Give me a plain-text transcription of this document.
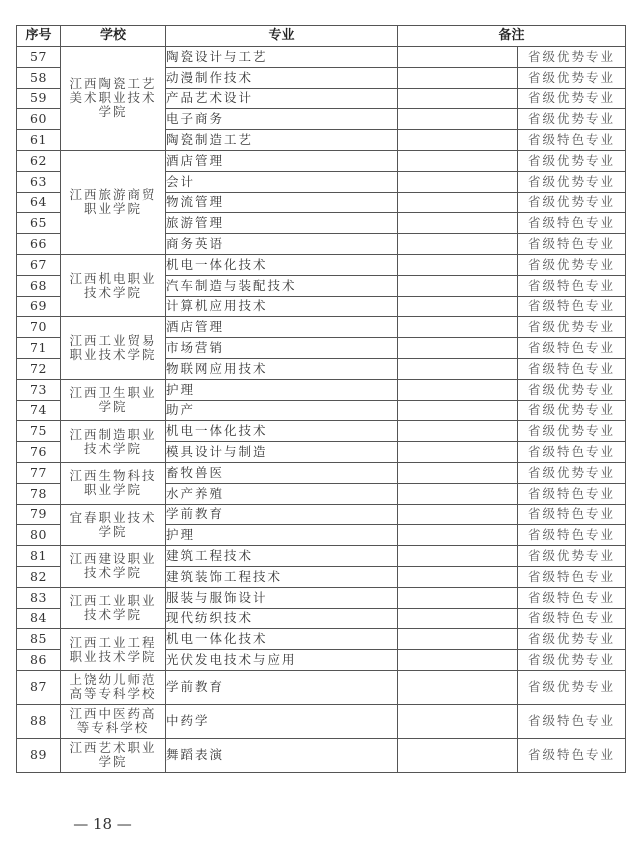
序号	学校	专业	备注	
57	江西陶瓷工艺
美术职业技术
学院	陶瓷设计与工艺		省级优势专业
58		动漫制作技术		省级优势专业
59		产品艺术设计		省级优势专业
60		电子商务		省级优势专业
61		陶瓷制造工艺		省级特色专业
62	江西旅游商贸
职业学院	酒店管理		省级优势专业
63		会计		省级优势专业
64		物流管理		省级优势专业
65		旅游管理		省级特色专业
66		商务英语		省级特色专业
67	江西机电职业
技术学院	机电一体化技术		省级优势专业
68		汽车制造与装配技术		省级特色专业
69		计算机应用技术		省级特色专业
70	江西工业贸易
职业技术学院	酒店管理		省级优势专业
71		市场营销		省级特色专业
72		物联网应用技术		省级特色专业
73	江西卫生职业
学院	护理		省级优势专业
74		助产		省级优势专业
75	江西制造职业
技术学院	机电一体化技术		省级优势专业
76		模具设计与制造		省级特色专业
77	江西生物科技
职业学院	畜牧兽医		省级优势专业
78		水产养殖		省级特色专业
79	宜春职业技术
学院	学前教育		省级特色专业
80		护理		省级特色专业
81	江西建设职业
技术学院	建筑工程技术		省级优势专业
82		建筑装饰工程技术		省级特色专业
83	江西工业职业
技术学院	服装与服饰设计		省级特色专业
84		现代纺织技术		省级特色专业
85	江西工业工程
职业技术学院	机电一体化技术		省级优势专业
86		光伏发电技术与应用		省级优势专业
87	上饶幼儿师范
高等专科学校	学前教育		省级优势专业
88	江西中医药高
等专科学校	中药学		省级特色专业
89	江西艺术职业
学院	舞蹈表演		省级特色专业
— 18 —
